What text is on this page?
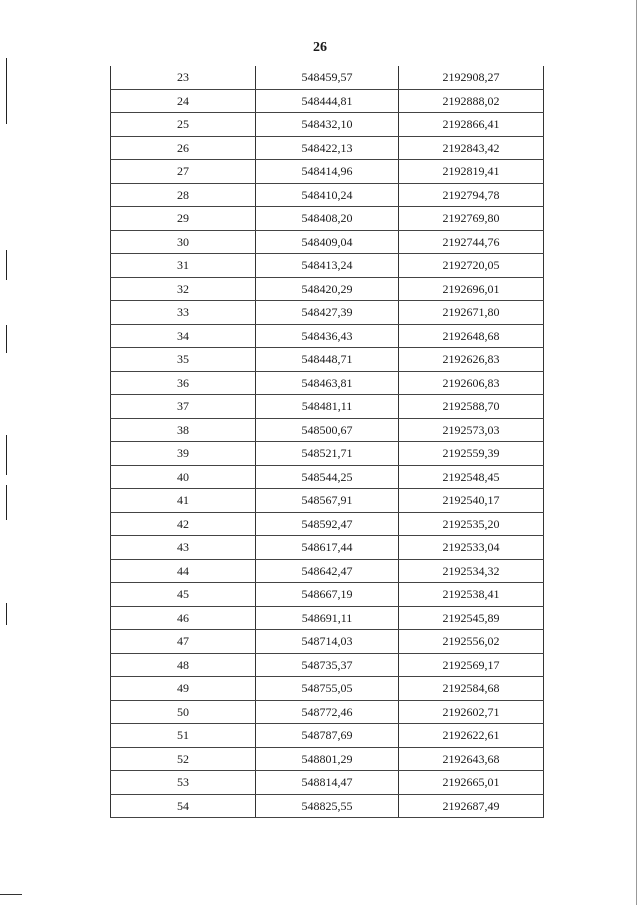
26
23	548459,57	2192908,27
24	548444,81	2192888,02
25	548432,10	2192866,41
26	548422,13	2192843,42
27	548414,96	2192819,41
28	548410,24	2192794,78
29	548408,20	2192769,80
30	548409,04	2192744,76
31	548413,24	2192720,05
32	548420,29	2192696,01
33	548427,39	2192671,80
34	548436,43	2192648,68
35	548448,71	2192626,83
36	548463,81	2192606,83
37	548481,11	2192588,70
38	548500,67	2192573,03
39	548521,71	2192559,39
40	548544,25	2192548,45
41	548567,91	2192540,17
42	548592,47	2192535,20
43	548617,44	2192533,04
44	548642,47	2192534,32
45	548667,19	2192538,41
46	548691,11	2192545,89
47	548714,03	2192556,02
48	548735,37	2192569,17
49	548755,05	2192584,68
50	548772,46	2192602,71
51	548787,69	2192622,61
52	548801,29	2192643,68
53	548814,47	2192665,01
54	548825,55	2192687,49
